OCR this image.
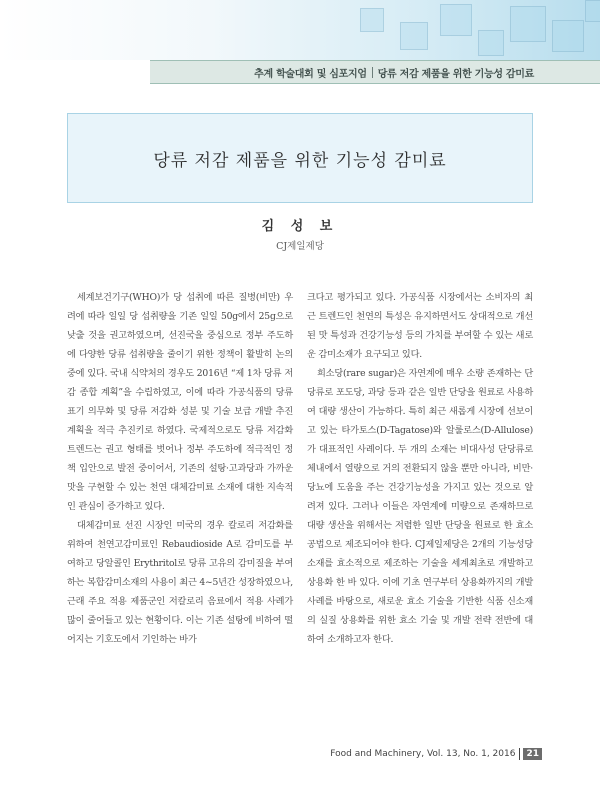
추계 학술대회 및 심포지엄 당류 저감 제품을 위한 기능성 감미료
당류 저감 제품을 위한 기능성 감미료
김 성 보
CJ제일제당

세계보건기구(WHO)가 당 섭취에 따른 질병(비만) 우려에 따라 일일 당 섭취량을 기존 일일 50g에서 25g으로 낮출 것을 권고하였으며, 선진국을 중심으로 정부 주도하에 다양한 당류 섭취량을 줄이기 위한 정책이 활발히 논의 중에 있다. 국내 식약처의 경우도 2016년 “제 1차 당류 저감 종합 계획”을 수립하였고, 이에 따라 가공식품의 당류 표기 의무화 및 당류 저감화 성분 및 기술 보급 개발 추진 계획을 적극 추진키로 하였다. 국제적으로도 당류 저감화 트렌드는 권고 형태를 벗어나 정부 주도하에 적극적인 정책 입안으로 발전 중이어서, 기존의 설탕·고과당과 가까운 맛을 구현할 수 있는 천연 대체감미료 소재에 대한 지속적인 관심이 증가하고 있다.

대체감미료 선진 시장인 미국의 경우 칼로리 저감화를 위하여 천연고감미료인 Rebaudioside A로 감미도를 부여하고 당알콜인 Erythritol로 당류 고유의 감미질을 부여하는 복합감미소재의 사용이 최근 4~5년간 성장하였으나, 근래 주요 적용 제품군인 저칼로리 음료에서 적용 사례가 많이 줄어들고 있는 현황이다. 이는 기존 설탕에 비하여 떨어지는 기호도에서 기인하는 바가

크다고 평가되고 있다. 가공식품 시장에서는 소비자의 최근 트렌드인 천연의 특성은 유지하면서도 상대적으로 개선된 맛 특성과 건강기능성 등의 가치를 부여할 수 있는 새로운 감미소재가 요구되고 있다.

희소당(rare sugar)은 자연계에 매우 소량 존재하는 단당류로 포도당, 과당 등과 같은 일반 단당을 원료로 사용하여 대량 생산이 가능하다. 특히 최근 새롭게 시장에 선보이고 있는 타가토스(D-Tagatose)와 알룰로스(D-Allulose)가 대표적인 사례이다. 두 개의 소재는 비대사성 단당류로 체내에서 열량으로 거의 전환되지 않을 뿐만 아니라, 비만·당뇨에 도움을 주는 건강기능성을 가지고 있는 것으로 알려져 있다. 그러나 이들은 자연계에 미량으로 존재하므로 대량 생산을 위해서는 저렴한 일반 단당을 원료로 한 효소 공법으로 제조되어야 한다. CJ제일제당은 2개의 기능성당 소재를 효소적으로 제조하는 기술을 세계최초로 개발하고 상용화 한 바 있다. 이에 기초 연구부터 상용화까지의 개발 사례를 바탕으로, 새로운 효소 기술을 기반한 식품 신소재의 실질 상용화를 위한 효소 기술 및 개발 전략 전반에 대하여 소개하고자 한다.

Food and Machinery, Vol. 13, No. 1, 2016	21
